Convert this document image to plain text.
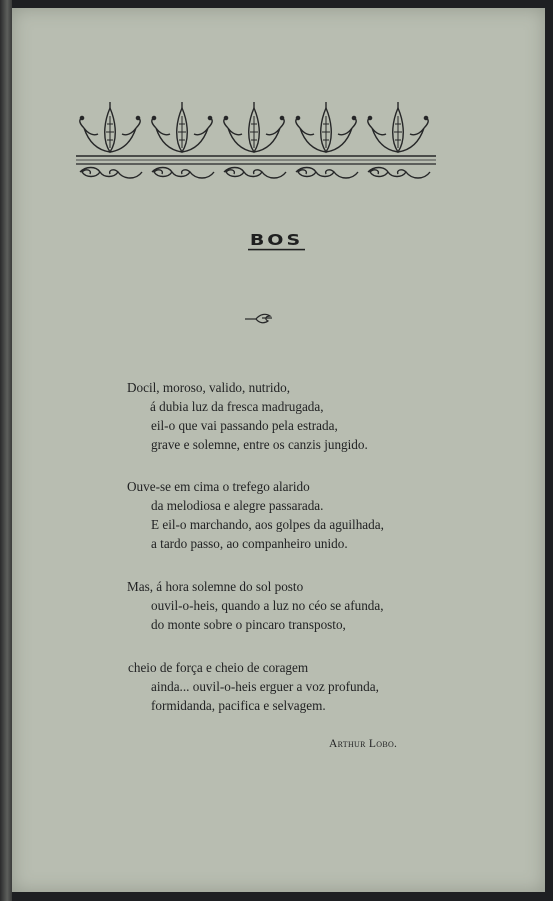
BOS
Docil, moroso, valido, nutrido,
á dubia luz da fresca madrugada,
eil-o que vai passando pela estrada,
grave e solemne, entre os canzis jungido.
Ouve-se em cima o trefego alarido
da melodiosa e alegre passarada.
E eil-o marchando, aos golpes da aguilhada,
a tardo passo, ao companheiro unido.
Mas, á hora solemne do sol posto
ouvil-o-heis, quando a luz no céo se afunda,
do monte sobre o pincaro transposto,
cheio de força e cheio de coragem
ainda... ouvil-o-heis erguer a voz profunda,
formidanda, pacifica e selvagem.
Arthur Lobo.
